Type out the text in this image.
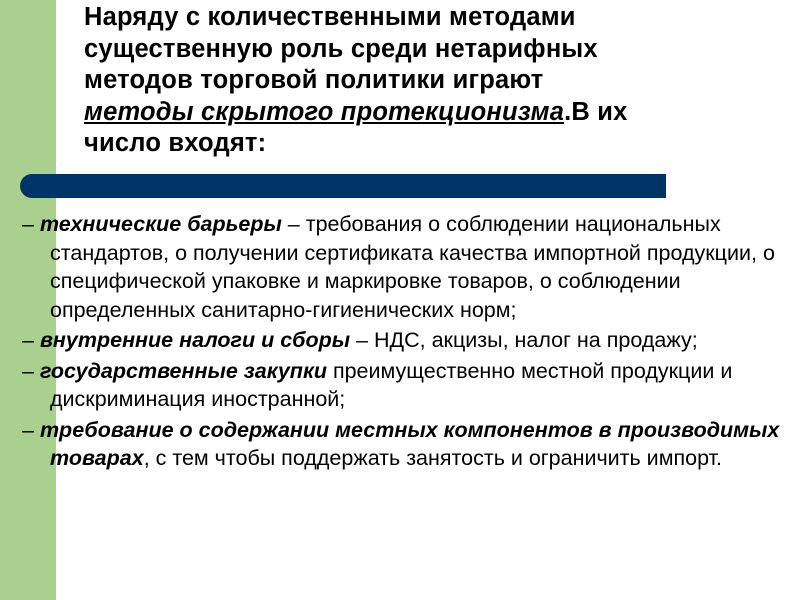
Наряду с количественными методами
существенную роль среди нетарифных
методов торговой политики играют
методы скрытого протекционизма.В их
число входят:
– технические барьеры – требования о соблюдении национальных стандартов, о получении сертификата качества импортной продукции, о специфической упаковке и маркировке товаров, о соблюдении определенных санитарно-гигиенических норм;
– внутренние налоги и сборы – НДС, акцизы, налог на продажу;
– государственные закупки преимущественно местной продукции и дискриминация иностранной;
– требование о содержании местных компонентов в производимых товарах, с тем чтобы поддержать занятость и ограничить импорт.
